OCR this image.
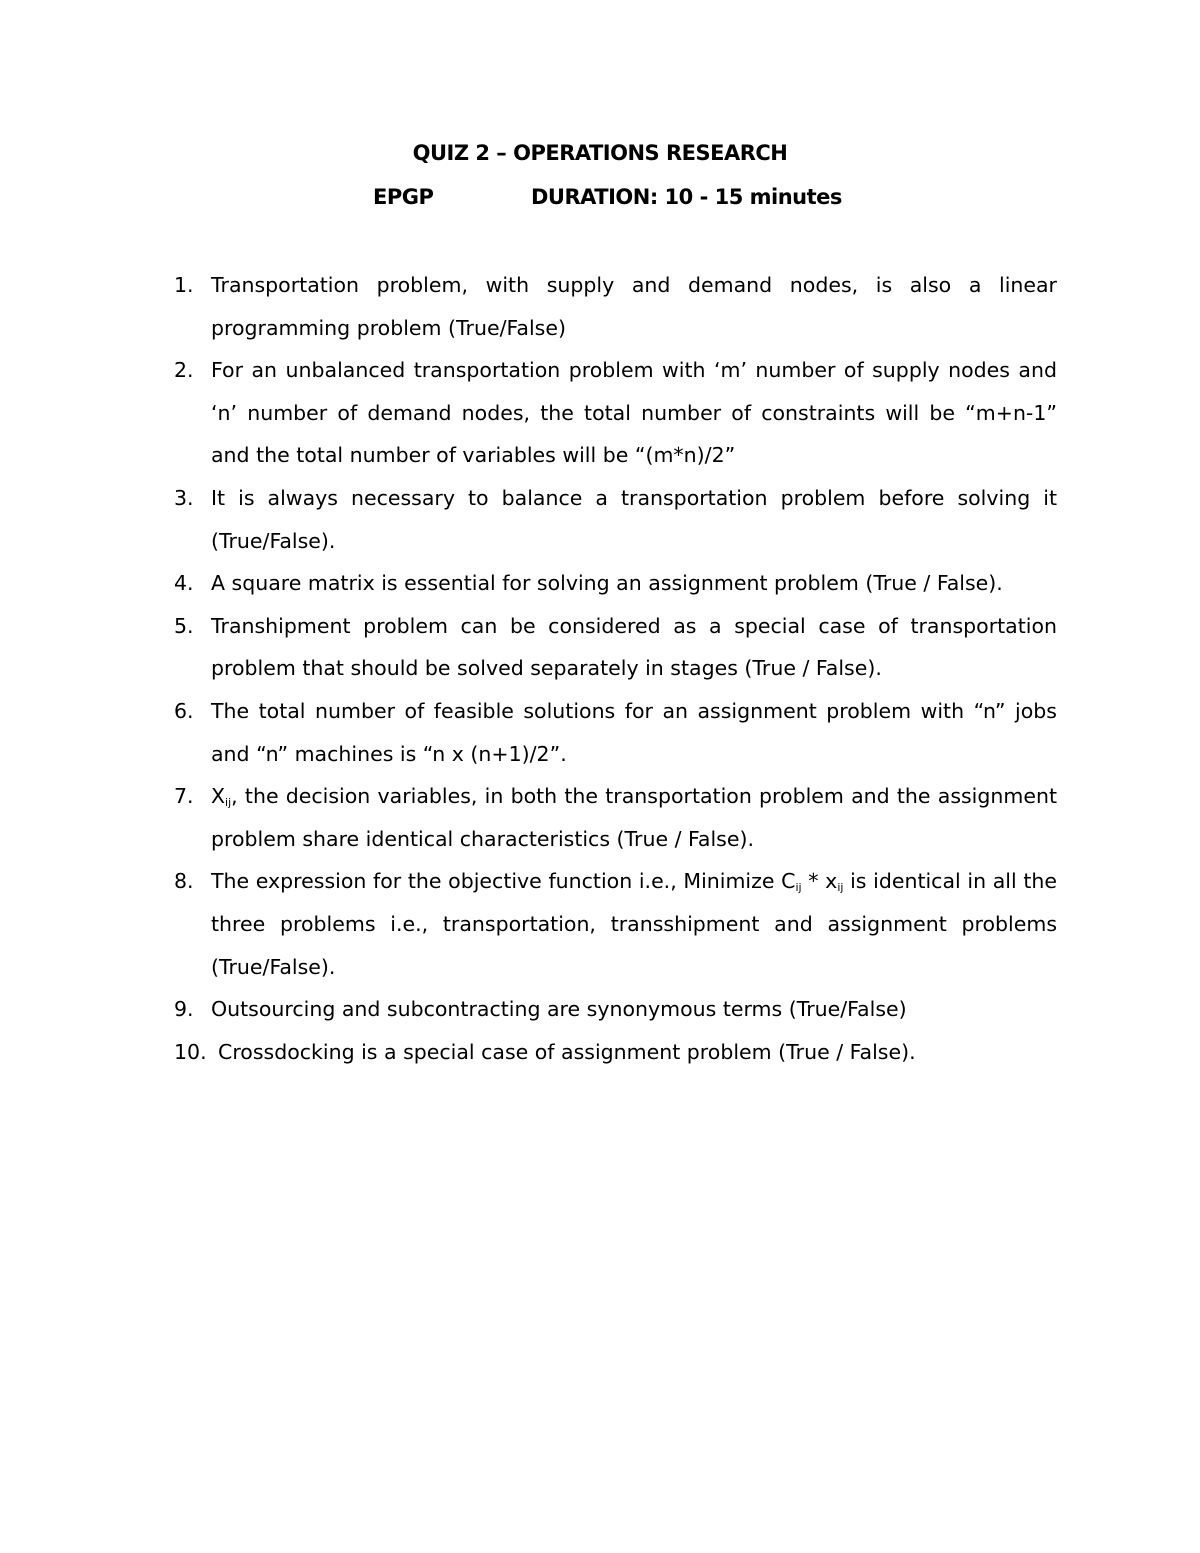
QUIZ 2 – OPERATIONS RESEARCH
EPGP	DURATION: 10 - 15 minutes
1. Transportation problem, with supply and demand nodes, is also a linear programming problem (True/False)
2. For an unbalanced transportation problem with ‘m’ number of supply nodes and ‘n’ number of demand nodes, the total number of constraints will be “m+n-1” and the total number of variables will be “(m*n)/2”
3. It is always necessary to balance a transportation problem before solving it (True/False).
4. A square matrix is essential for solving an assignment problem (True / False).
5. Transhipment problem can be considered as a special case of transportation problem that should be solved separately in stages (True / False).
6. The total number of feasible solutions for an assignment problem with “n” jobs and “n” machines is “n x (n+1)/2”.
7. $X_{ij}$, the decision variables, in both the transportation problem and the assignment problem share identical characteristics (True / False).
8. The expression for the objective function i.e., Minimize $C_{ij} * x_{ij}$ is identical in all the three problems i.e., transportation, transshipment and assignment problems (True/False).
9. Outsourcing and subcontracting are synonymous terms (True/False)
10. Crossdocking is a special case of assignment problem (True / False).
